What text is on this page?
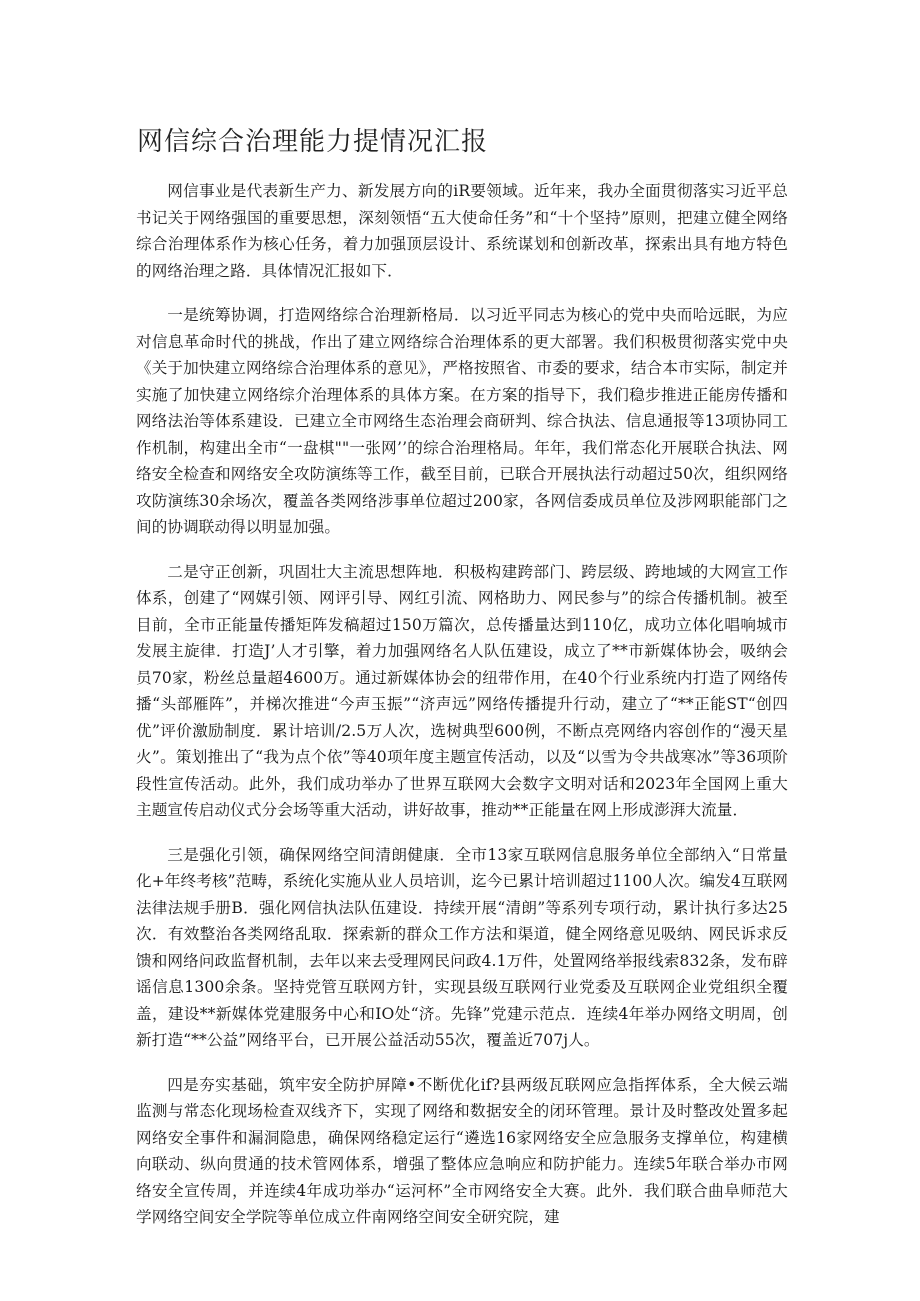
网信综合治理能力提情况汇报

网信事业是代表新生产力、新发展方向的iR要领域。近年来，我办全面贯彻落实习近平总书记关于网络强国的重要思想，深刻领悟“五大使命任务”和“十个坚持”原则，把建立健全网络综合治理体系作为核心任务，着力加强顶层设计、系统谋划和创新改革，探索出具有地方特色的网络治理之路．具体情况汇报如下．

一是统筹协调，打造网络综合治理新格局．以习近平同志为核心的党中央而哈远眠，为应对信息革命时代的挑战，作出了建立网络综合治理体系的更大部署。我们积极贯彻落实党中央《关于加快建立网络综合治理体系的意见》，严格按照省、市委的要求，结合本市实际，制定并实施了加快建立网络综介治理体系的具体方案。在方案的指导下，我们稳步推进正能房传播和网络法治等体系建设．已建立全市网络生态治理会商研判、综合执法、信息通报等13项协同工作机制，构建出全市“一盘棋""一张网’’的综合治理格局。年年，我们常态化开展联合执法、网络安全检查和网络安全攻防演练等工作，截至目前，已联合开展执法行动超过50次，组织网络攻防演练30余场次，覆盖各类网络涉事单位超过200家，各网信委成员单位及涉网职能部门之间的协调联动得以明显加强。

二是守正创新，巩固壮大主流思想阵地．积极构建跨部门、跨层级、跨地域的大网宣工作体系，创建了“网媒引领、网评引导、网红引流、网格助力、网民参与”的综合传播机制。被至目前，全市正能量传播矩阵发稿超过150万篇次，总传播量达到110亿，成功立体化唱响城市发展主旋律．打造J’人才引擎，着力加强网络名人队伍建设，成立了**市新媒体协会，吸纳会员70家，粉丝总量超4600万。通过新媒体协会的纽带作用，在40个行业系统内打造了网络传播“头部雁阵”，并梯次推进“今声玉振”“济声远”网络传播提升行动，建立了“**正能ST“创四优”评价激励制度．累计培训/2.5万人次，选树典型600例，不断点亮网络内容创作的“漫天星火”。策划推出了“我为点个依”等40项年度主题宣传活动，以及“以雪为令共战寒冰”等36项阶段性宣传活动。此外，我们成功举办了世界互联网大会数字文明对话和2023年全国网上重大主题宣传启动仪式分会场等重大活动，讲好故事，推动**正能量在网上形成澎湃大流量．

三是强化引领，确保网络空间清朗健康．全市13家互联网信息服务单位全部纳入“日常量化+年终考核”范畴，系统化实施从业人员培训，迄今已累计培训超过1100人次。编发4互联网法律法规手册B．强化网信执法队伍建设．持续开展“清朗”等系列专项行动，累计执行多达25次．有效整治各类网络乱取．探索新的群众工作方法和渠道，健全网络意见吸纳、网民诉求反馈和网络问政监督机制，去年以来去受理网民问政4.1万件，处置网络举报线索832条，发布辟谣信息1300余条。坚持党管互联网方针，实现县级互联网行业党委及互联网企业党组织全覆盖，建设**新媒体党建服务中心和IO处“济。先锋”党建示范点．连续4年举办网络文明周，创新打造“**公益”网络平台，已开展公益活动55次，覆盖近707j人。

四是夯实基础，筑牢安全防护屏障•不断优化if?县两级瓦联网应急指挥体系，全大候云端监测与常态化现场检查双线齐下，实现了网络和数据安全的闭环管理。景计及时整改处置多起网络安全事件和漏洞隐患，确保网络稳定运行“遴选16家网络安全应急服务支撑单位，构建横向联动、纵向贯通的技术管网体系，增强了整体应急响应和防护能力。连续5年联合举办市网络安全宣传周，并连续4年成功举办“运河杯”全市网络安全大赛。此外．我们联合曲阜师范大学网络空间安全学院等单位成立件南网络空间安全研究院，建
